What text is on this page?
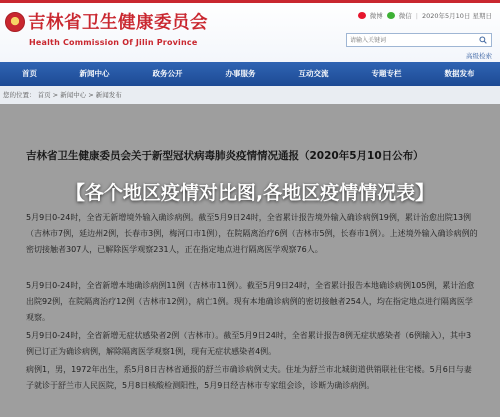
吉林省卫生健康委员会
Health Commission Of Jilin Province
微博 微信 | 2020年5月10日 星期日
请输入关键词
高级检索
首页	新闻中心	政务公开	办事服务	互动交流	专题专栏	数据发布
您的位置： 首页 > 新闻中心 > 新闻发布
吉林省卫生健康委员会关于新型冠状病毒肺炎疫情情况通报（2020年5月10日公布）

5月9日0-24时，全省无新增境外输入确诊病例。截至5月9日24时，全省累计报告境外输入确诊病例19例，累计治愈出院13例（吉林市7例，延边州2例，长春市3例，梅河口市1例），在院隔离治疗6例（吉林市5例，长春市1例）。上述境外输入确诊病例的密切接触者307人，已解除医学观察231人，正在指定地点进行隔离医学观察76人。

5月9日0-24时，全省新增本地确诊病例11例（吉林市11例）。截至5月9日24时，全省累计报告本地确诊病例105例，累计治愈出院92例，在院隔离治疗12例（吉林市12例），病亡1例。现有本地确诊病例的密切接触者254人，均在指定地点进行隔离医学观察。

5月9日0-24时，全省新增无症状感染者2例（吉林市）。截至5月9日24时，全省累计报告8例无症状感染者（6例输入），其中3例已订正为确诊病例，解除隔离医学观察1例，现有无症状感染者4例。

病例1，男，1972年出生，系5月8日吉林省通报的舒兰市确诊病例丈夫。住址为舒兰市北城街道供销联社住宅楼。5月6日与妻子就诊于舒兰市人民医院，5月8日核酸检测阳性，5月9日经吉林市专家组会诊，诊断为确诊病例。

【各个地区疫情对比图,各地区疫情情况表】
